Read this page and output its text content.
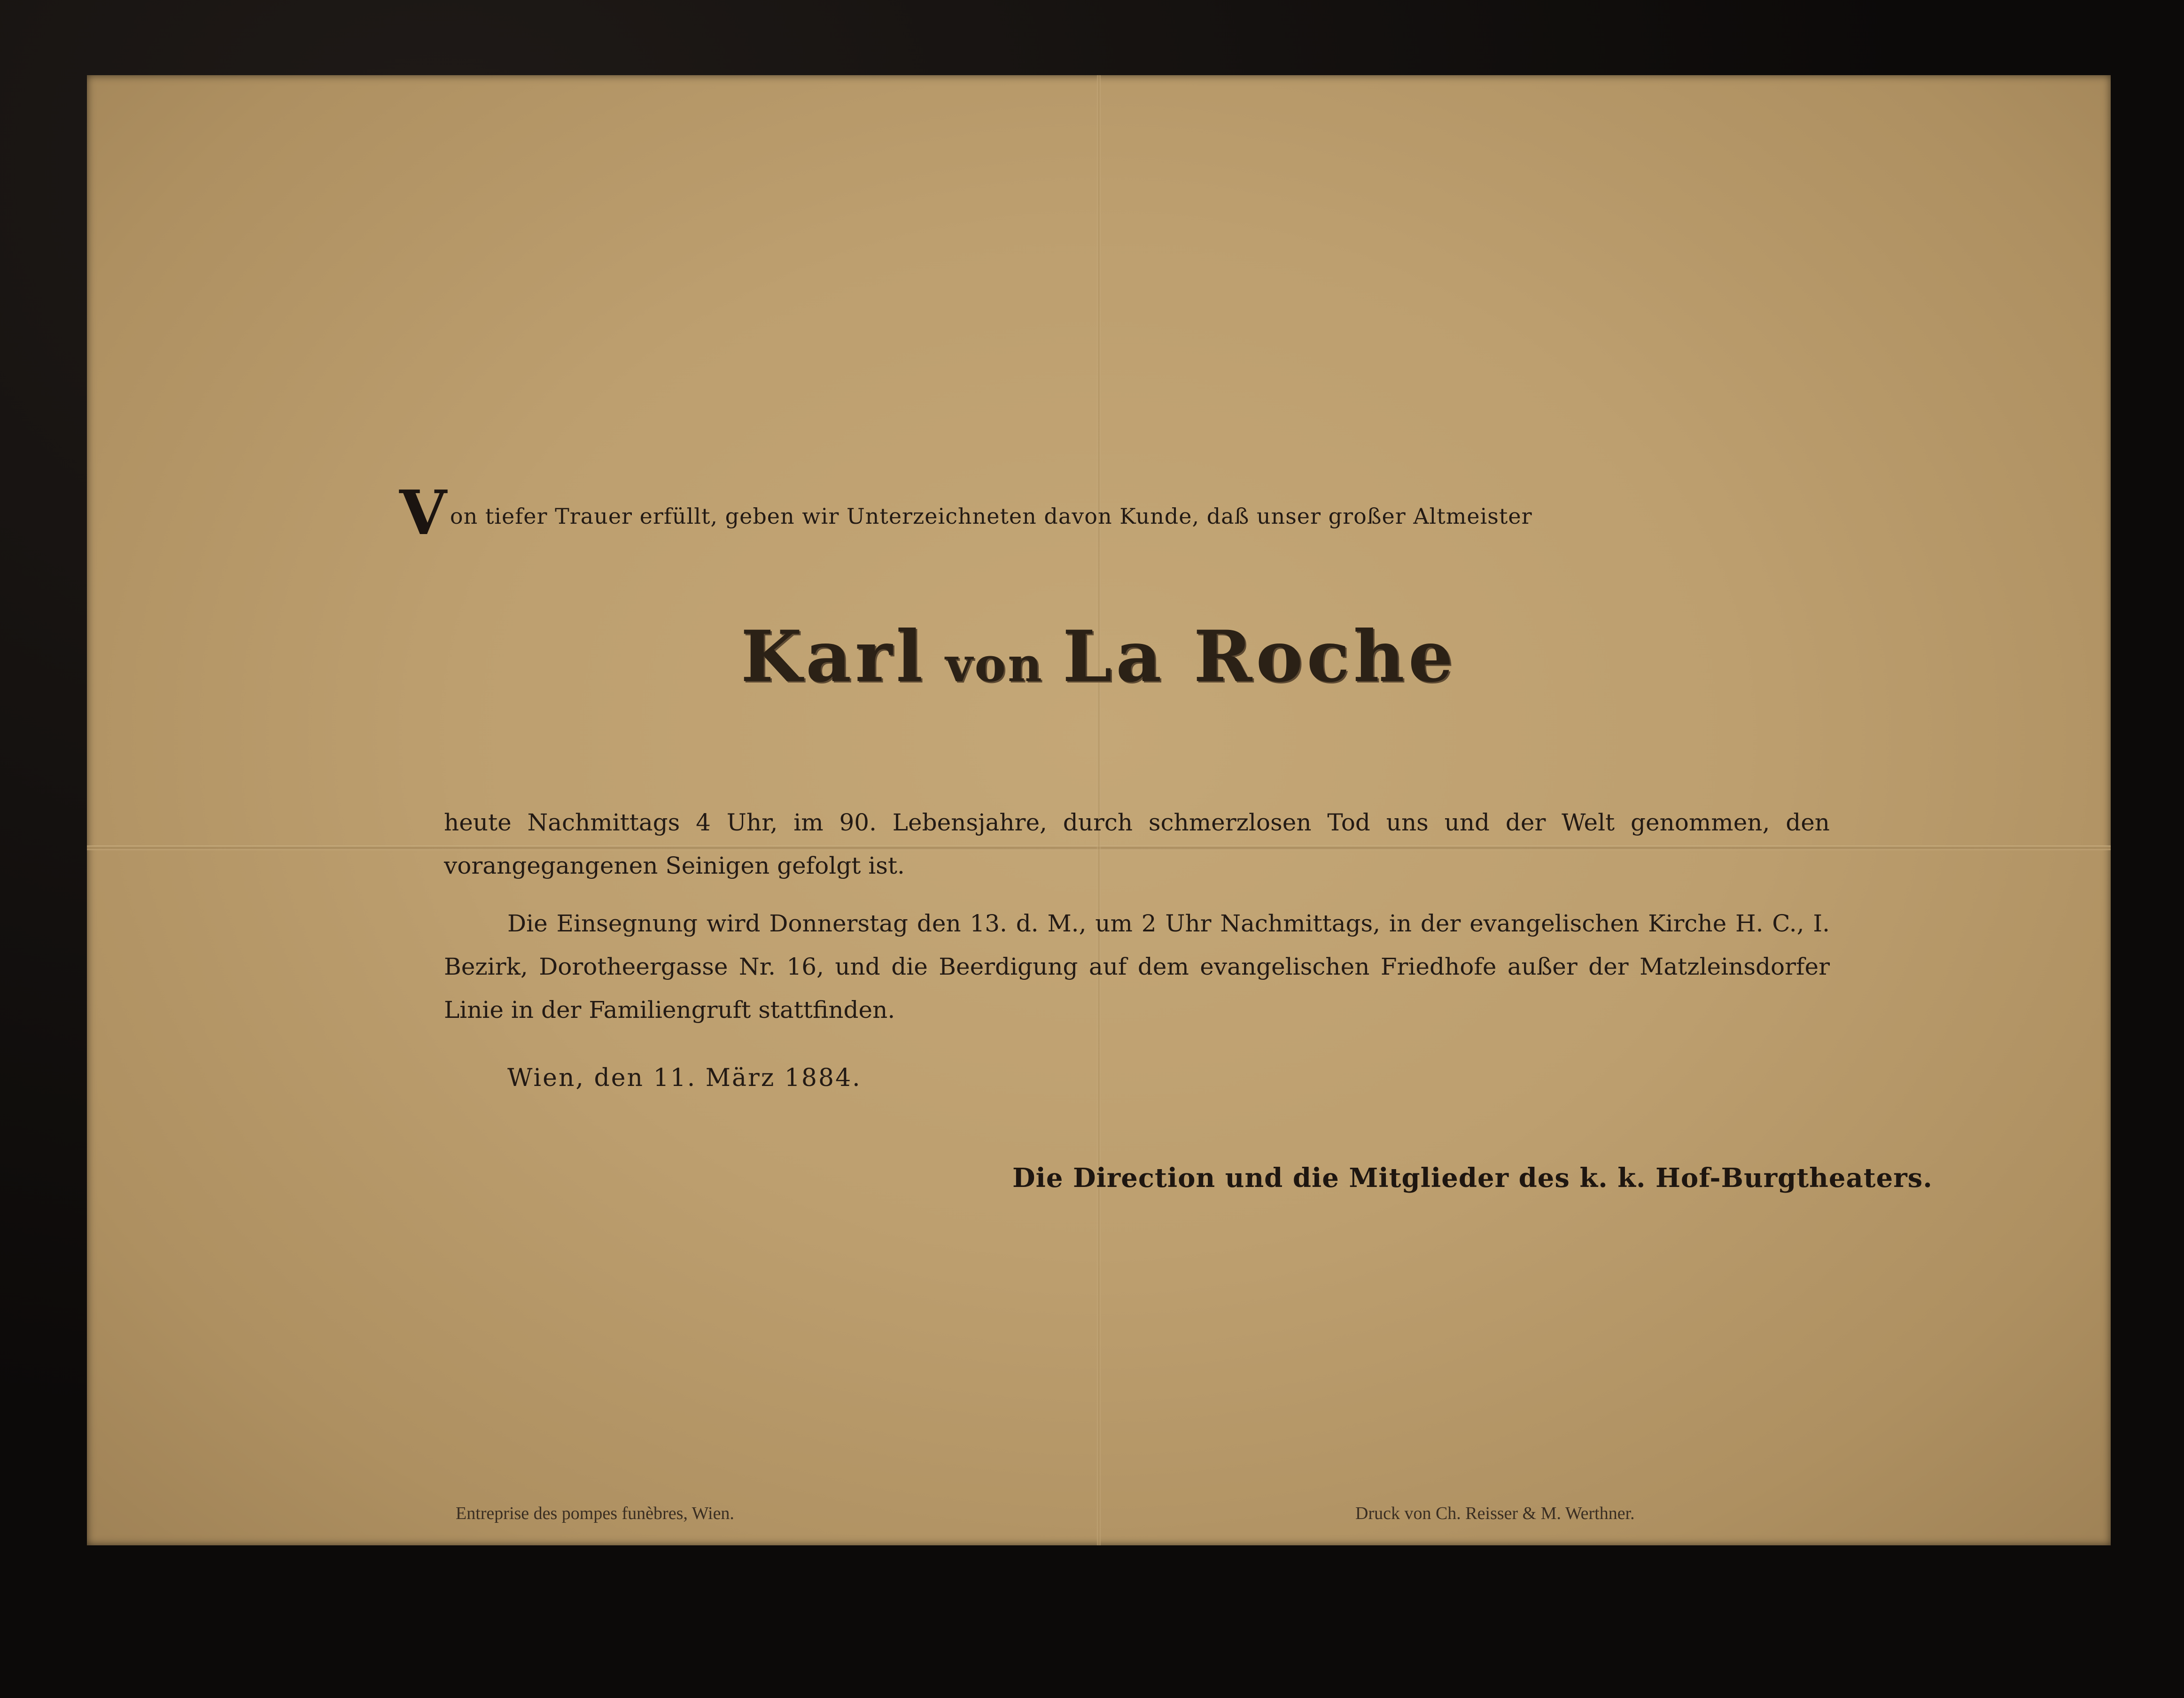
Von tiefer Trauer erfüllt, geben wir Unterzeichneten davon Kunde, daß unser großer Altmeister
Karl von La Roche
heute Nachmittags 4 Uhr, im 90. Lebensjahre, durch schmerzlosen Tod uns und der Welt genommen, den vorangegangenen Seinigen gefolgt ist.
Die Einsegnung wird Donnerstag den 13. d. M., um 2 Uhr Nachmittags, in der evangelischen Kirche H. C., I. Bezirk, Dorotheergasse Nr. 16, und die Beerdigung auf dem evangelischen Friedhofe außer der Matzleinsdorfer Linie in der Familiengruft stattfinden.
Wien, den 11. März 1884.
Die Direction und die Mitglieder des k. k. Hof-Burgtheaters.
Entreprise des pompes funèbres, Wien.	Druck von Ch. Reisser & M. Werthner.
